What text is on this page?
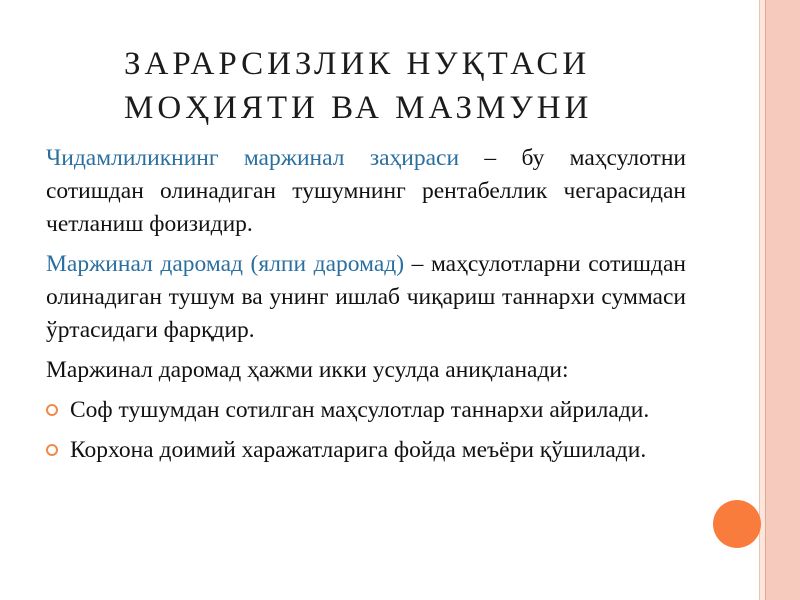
ЗАРАРСИЗЛИК НУҚТАСИ
МОҲИЯТИ ВА МАЗМУНИ

Чидамлиликнинг маржинал заҳираси – бу маҳсулотни сотишдан олинадиган тушумнинг рентабеллик чегарасидан четланиш фоизидир.

Маржинал даромад (ялпи даромад) – маҳсулотларни сотишдан олинадиган тушум ва унинг ишлаб чиқариш таннархи суммаси ўртасидаги фарқдир.

Маржинал даромад ҳажми икки усулда аниқланади:

Соф тушумдан сотилган маҳсулотлар таннархи айрилади.
Корхона доимий харажатларига фойда меъёри қўшилади.
